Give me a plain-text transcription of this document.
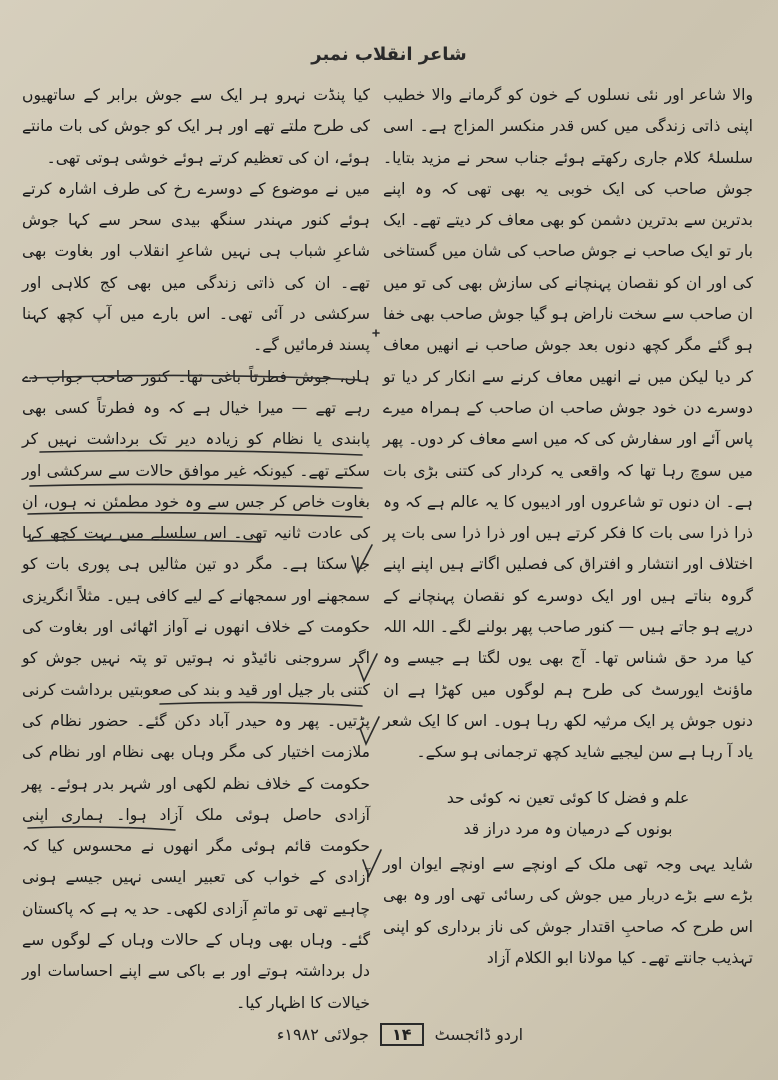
شاعر انقلاب نمبر

والا شاعر اور نئی نسلوں کے خون کو گرمانے والا خطیب اپنی ذاتی زندگی میں کس قدر منکسر المزاج ہے۔ اسی سلسلۂ کلام جاری رکھتے ہوئے جناب سحر نے مزید بتایا۔ جوش صاحب کی ایک خوبی یہ بھی تھی کہ وہ اپنے بدترین سے بدترین دشمن کو بھی معاف کر دیتے تھے۔ ایک بار تو ایک صاحب نے جوش صاحب کی شان میں گستاخی کی اور ان کو نقصان پہنچانے کی سازش بھی کی تو میں ان صاحب سے سخت ناراض ہو گیا جوش صاحب بھی خفا ہو گئے مگر کچھ دنوں بعد جوش صاحب نے انھیں معاف کر دیا لیکن میں نے انھیں معاف کرنے سے انکار کر دیا تو دوسرے دن خود جوش صاحب ان صاحب کے ہمراہ میرے پاس آئے اور سفارش کی کہ میں اسے معاف کر دوں۔ پھر میں سوچ رہا تھا کہ واقعی یہ کردار کی کتنی بڑی بات ہے۔ ان دنوں تو شاعروں اور ادیبوں کا یہ عالم ہے کہ وہ ذرا ذرا سی بات کا فکر کرتے ہیں اور ذرا ذرا سی بات پر اختلاف اور انتشار و افتراق کی فصلیں اگاتے ہیں اپنے اپنے گروہ بناتے ہیں اور ایک دوسرے کو نقصان پہنچانے کے درپے ہو جاتے ہیں — کنور صاحب پھر بولنے لگے۔ اللہ اللہ کیا مرد حق شناس تھا۔ آج بھی یوں لگتا ہے جیسے وہ ماؤنٹ ایورسٹ کی طرح ہم لوگوں میں کھڑا ہے ان دنوں جوش پر ایک مرثیہ لکھ رہا ہوں۔ اس کا ایک شعر یاد آ رہا ہے سن لیجیے شاید کچھ ترجمانی ہو سکے۔

علم و فضل کا کوئی تعین نہ کوئی حد
بونوں کے درمیان وہ مرد دراز قد

شاید یہی وجہ تھی ملک کے اونچے سے اونچے ایوان اور بڑے سے بڑے دربار میں جوش کی رسائی تھی اور وہ بھی اس طرح کہ صاحبِ اقتدار جوش کی ناز برداری کو اپنی تہذیب جانتے تھے۔ کیا مولانا ابو الکلام آزاد

کیا پنڈت نہرو ہر ایک سے جوش برابر کے ساتھیوں کی طرح ملتے تھے اور ہر ایک کو جوش کی بات مانتے ہوئے، ان کی تعظیم کرتے ہوئے خوشی ہوتی تھی۔

میں نے موضوع کے دوسرے رخ کی طرف اشارہ کرتے ہوئے کنور مہندر سنگھ بیدی سحر سے کہا جوش شاعرِ شباب ہی نہیں شاعرِ انقلاب اور بغاوت بھی تھے۔ ان کی ذاتی زندگی میں بھی کج کلاہی اور سرکشی در آئی تھی۔ اس بارے میں آپ کچھ کہنا پسند فرمائیں گے۔

ہاں، جوش فطرتاً باغی تھا۔ کنور صاحب جواب دے رہے تھے — میرا خیال ہے کہ وہ فطرتاً کسی بھی پابندی یا نظام کو زیادہ دیر تک برداشت نہیں کر سکتے تھے۔ کیونکہ غیر موافق حالات سے سرکشی اور بغاوت خاص کر جس سے وہ خود مطمئن نہ ہوں، ان کی عادت ثانیہ تھی۔ اس سلسلے میں بہت کچھ کہا جا سکتا ہے۔ مگر دو تین مثالیں ہی پوری بات کو سمجھنے اور سمجھانے کے لیے کافی ہیں۔ مثلاً انگریزی حکومت کے خلاف انھوں نے آواز اٹھائی اور بغاوت کی اگر سروجنی نائیڈو نہ ہوتیں تو پتہ نہیں جوش کو کتنی بار جیل اور قید و بند کی صعوبتیں برداشت کرنی پڑتیں۔ پھر وہ حیدر آباد دکن گئے۔ حضور نظام کی ملازمت اختیار کی مگر وہاں بھی نظام اور نظام کی حکومت کے خلاف نظم لکھی اور شہر بدر ہوئے۔ پھر آزادی حاصل ہوئی ملک آزاد ہوا۔ ہماری اپنی حکومت قائم ہوئی مگر انھوں نے محسوس کیا کہ آزادی کے خواب کی تعبیر ایسی نہیں جیسے ہونی چاہیے تھی تو ماتمِ آزادی لکھی۔ حد یہ ہے کہ پاکستان گئے۔ وہاں بھی وہاں کے حالات وہاں کے لوگوں سے دل برداشتہ ہوتے اور بے باکی سے اپنے احساسات اور خیالات کا اظہار کیا۔

اردو ڈائجسٹ ۱۴ جولائی ۱۹۸۲ء
